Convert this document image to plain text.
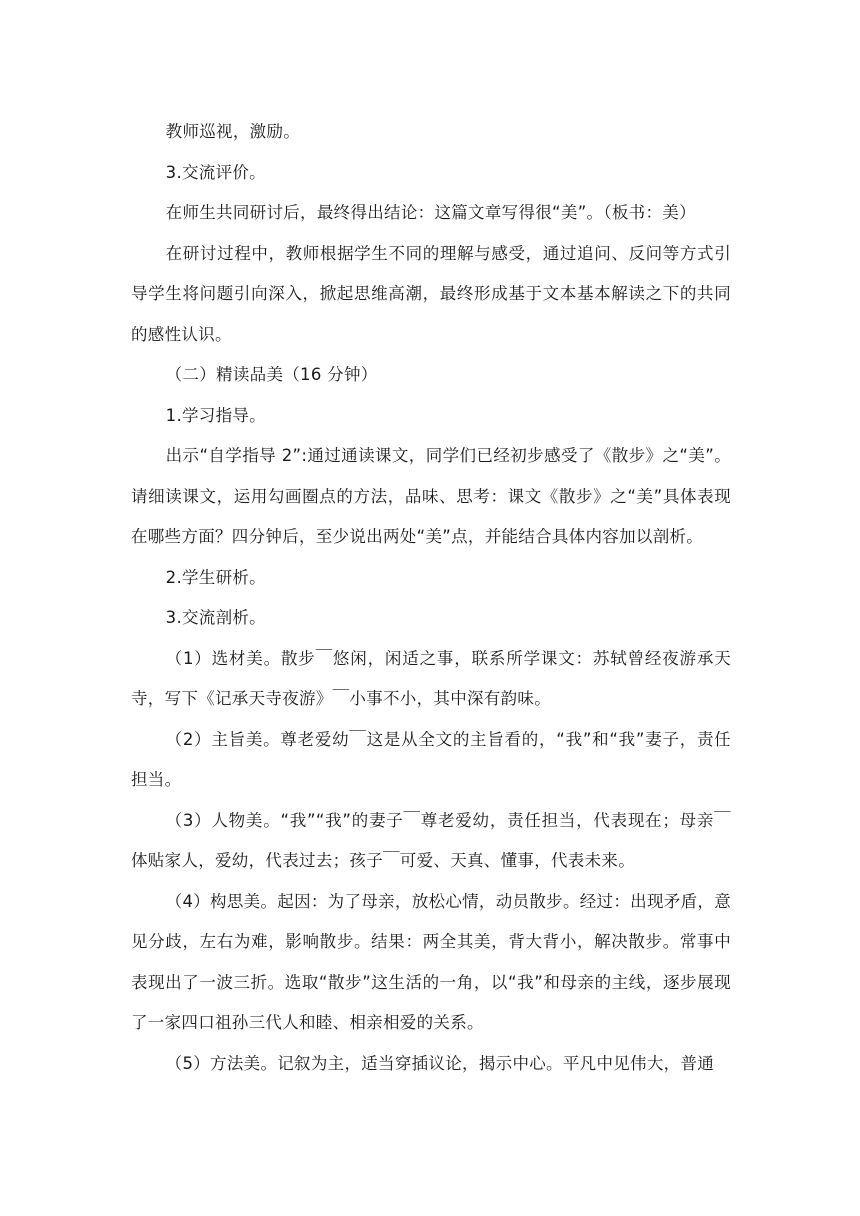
教师巡视，激励。

3.交流评价。

在师生共同研讨后，最终得出结论：这篇文章写得很“美”。（板书：美）

在研讨过程中，教师根据学生不同的理解与感受，通过追问、反问等方式引导学生将问题引向深入，掀起思维高潮，最终形成基于文本基本解读之下的共同的感性认识。

（二）精读品美（16 分钟）

1.学习指导。

出示“自学指导 2”:通过通读课文，同学们已经初步感受了《散步》之“美”。请细读课文，运用勾画圈点的方法，品味、思考：课文《散步》之“美”具体表现在哪些方面？四分钟后，至少说出两处“美”点，并能结合具体内容加以剖析。

2.学生研析。

3.交流剖析。

（1）选材美。散步￣悠闲，闲适之事，联系所学课文：苏轼曾经夜游承天寺，写下《记承天寺夜游》￣小事不小，其中深有韵味。

（2）主旨美。尊老爱幼￣这是从全文的主旨看的，“我”和“我”妻子，责任担当。

（3）人物美。“我”“我”的妻子￣尊老爱幼，责任担当，代表现在；母亲￣体贴家人，爱幼，代表过去；孩子￣可爱、天真、懂事，代表未来。

（4）构思美。起因：为了母亲，放松心情，动员散步。经过：出现矛盾，意见分歧，左右为难，影响散步。结果：两全其美，背大背小，解决散步。常事中表现出了一波三折。选取“散步”这生活的一角，以“我”和母亲的主线，逐步展现了一家四口祖孙三代人和睦、相亲相爱的关系。

（5）方法美。记叙为主，适当穿插议论，揭示中心。平凡中见伟大，普通
